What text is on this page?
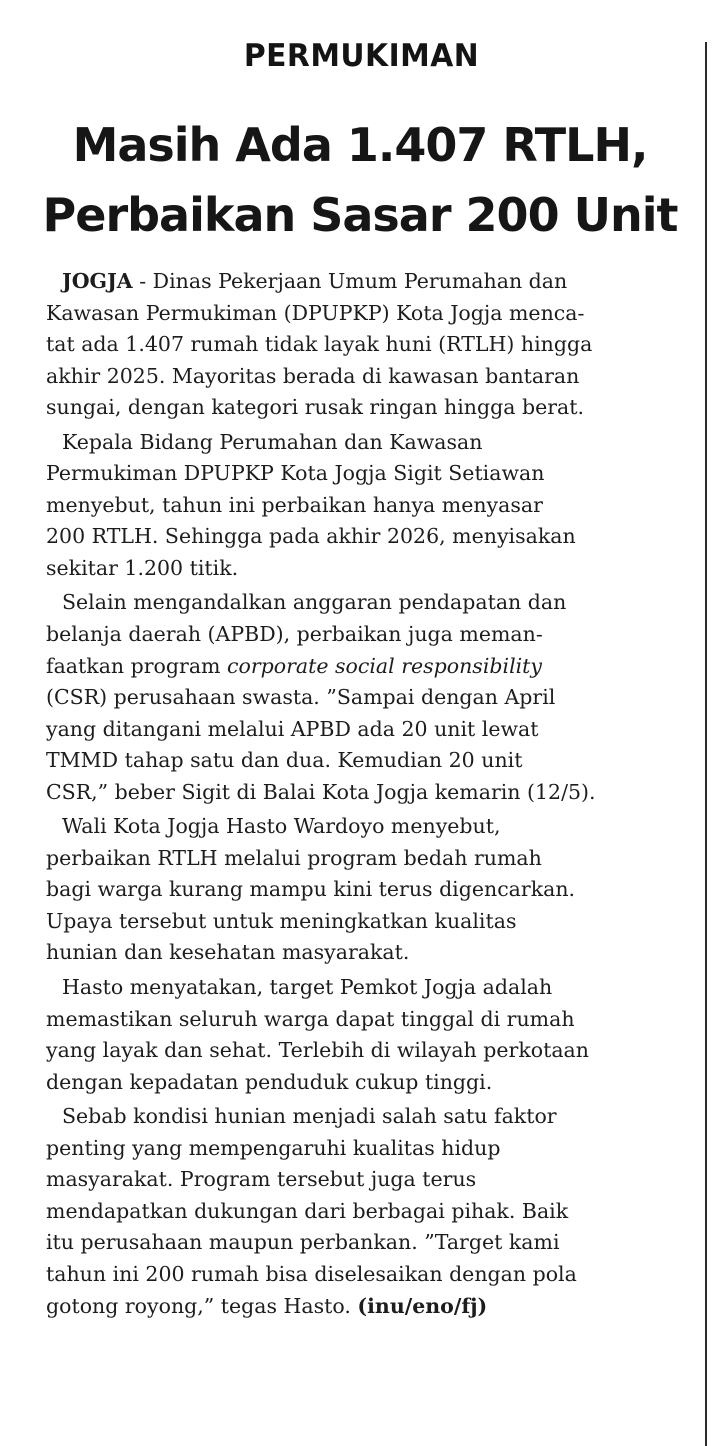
PERMUKIMAN
Masih Ada 1.407 RTLH,
Perbaikan Sasar 200 Unit
JOGJA - Dinas Pekerjaan Umum Perumahan dan
Kawasan Permukiman (DPUPKP) Kota Jogja menca-
tat ada 1.407 rumah tidak layak huni (RTLH) hingga
akhir 2025. Mayoritas berada di kawasan bantaran
sungai, dengan kategori rusak ringan hingga berat.
Kepala Bidang Perumahan dan Kawasan
Permukiman DPUPKP Kota Jogja Sigit Setiawan
menyebut, tahun ini perbaikan hanya menyasar
200 RTLH. Sehingga pada akhir 2026, menyisakan
sekitar 1.200 titik.
Selain mengandalkan anggaran pendapatan dan
belanja daerah (APBD), perbaikan juga meman-
faatkan program corporate social responsibility
(CSR) perusahaan swasta. ”Sampai dengan April
yang ditangani melalui APBD ada 20 unit lewat
TMMD tahap satu dan dua. Kemudian 20 unit
CSR,” beber Sigit di Balai Kota Jogja kemarin (12/5).
Wali Kota Jogja Hasto Wardoyo menyebut,
perbaikan RTLH melalui program bedah rumah
bagi warga kurang mampu kini terus digencarkan.
Upaya tersebut untuk meningkatkan kualitas
hunian dan kesehatan masyarakat.
Hasto menyatakan, target Pemkot Jogja adalah
memastikan seluruh warga dapat tinggal di rumah
yang layak dan sehat. Terlebih di wilayah perkotaan
dengan kepadatan penduduk cukup tinggi.
Sebab kondisi hunian menjadi salah satu faktor
penting yang mempengaruhi kualitas hidup
masyarakat. Program tersebut juga terus
mendapatkan dukungan dari berbagai pihak. Baik
itu perusahaan maupun perbankan. ”Target kami
tahun ini 200 rumah bisa diselesaikan dengan pola
gotong royong,” tegas Hasto. (inu/eno/fj)
